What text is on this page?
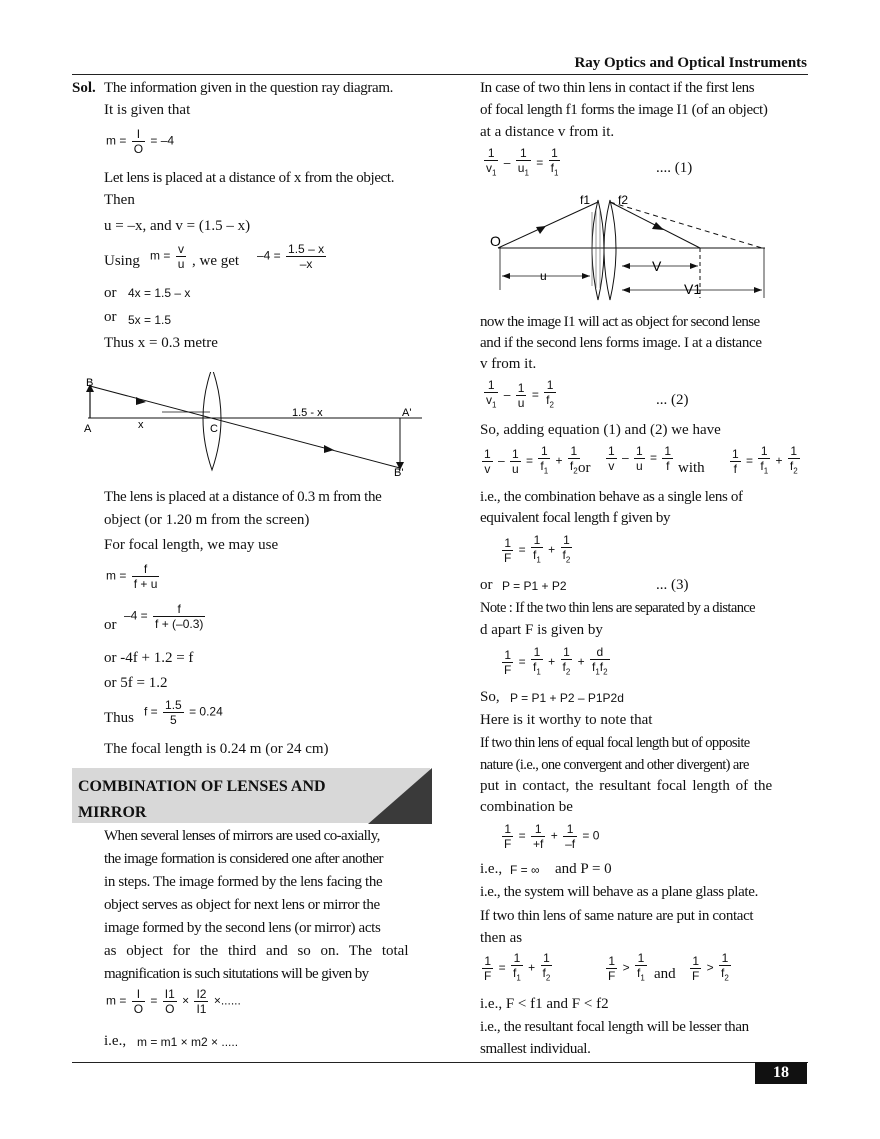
Ray Optics and Optical Instruments
Sol. The information given in the question ray diagram.
It is given that
$m = \frac{I}{O} = -4$
Let lens is placed at a distance of x from the object.
Then
u = –x, and v = (1.5 – x)
Using $m = \frac{v}{u}$ , we get $-4 = \frac{1.5 - x}{-x}$
or 4x = 1.5 – x
or 5x = 1.5
Thus x = 0.3 metre
B
A	x	C
1.5 - x	A'
B'
The lens is placed at a distance of 0.3 m from the
object (or 1.20 m from the screen)
For focal length, we may use
$m = \frac{f}{f + u}$
or
$-4 = \frac{f}{f + (-0.3)}$
or -4f + 1.2 = f
or 5f = 1.2
Thus $f = \frac{1.5}{5} = 0.24$
The focal length is 0.24 m (or 24 cm)
COMBINATION OF LENSES AND
MIRROR
When several lenses of mirrors are used co-axially,
the image formation is considered one after another
in steps. The image formed by the lens facing the
object serves as object for next lens or mirror the
image formed by the second lens (or mirror) acts
as object for the third and so on. The total
magnification is such situtations will be given by
$m = \frac{I}{O} = \frac{I1}{O} \times \frac{I2}{I1}$ ×......
i.e., m = m1 × m2 × .....
In case of two thin lens in contact if the first lens
of focal length f1 forms the image I1 (of an object)
at a distance v from it.
$\frac{1}{v_1} - \frac{1}{u_1} = \frac{1}{f_1}$	.... (1)
f1 f2
O
u
V
V1
now the image I1 will act as object for second lense
and if the second lens forms image. I at a distance
v from it.
$\frac{1}{v_1} - \frac{1}{u} = \frac{1}{f_2}$	... (2)
So, adding equation (1) and (2) we have
$\frac{1}{v} - \frac{1}{u} = \frac{1}{f_1} + \frac{1}{f_2}$
or $\frac{1}{v} - \frac{1}{u} = \frac{1}{f}$ with $\frac{1}{f} = \frac{1}{f_1} + \frac{1}{f_2}$
i.e., the combination behave as a single lens of
equivalent focal length f given by
$\frac{1}{F} = \frac{1}{f_1} + \frac{1}{f_2}$
or P = P1 + P2	... (3)
Note : If the two thin lens are separated by a distance
d apart F is given by
$\frac{1}{F} = \frac{1}{f_1} + \frac{1}{f_2} + \frac{d}{f_1f_2}$
So, P = P1 + P2 – P1P2d
Here is it worthy to note that
If two thin lens of equal focal length but of opposite
nature (i.e., one convergent and other divergent) are
put in contact, the resultant focal length of the
combination be
$\frac{1}{F} = \frac{1}{+f} + \frac{1}{-f} = 0$
i.e., F = ∞ and P = 0
i.e., the system will behave as a plane glass plate.
If two thin lens of same nature are put in contact
then as
$\frac{1}{F} = \frac{1}{f_1} + \frac{1}{f_2}$	$\frac{1}{F} > \frac{1}{f_1}$ and $\frac{1}{F} > \frac{1}{f_2}$
i.e., F < f1 and F < f2
i.e., the resultant focal length will be lesser than
smallest individual.
18
